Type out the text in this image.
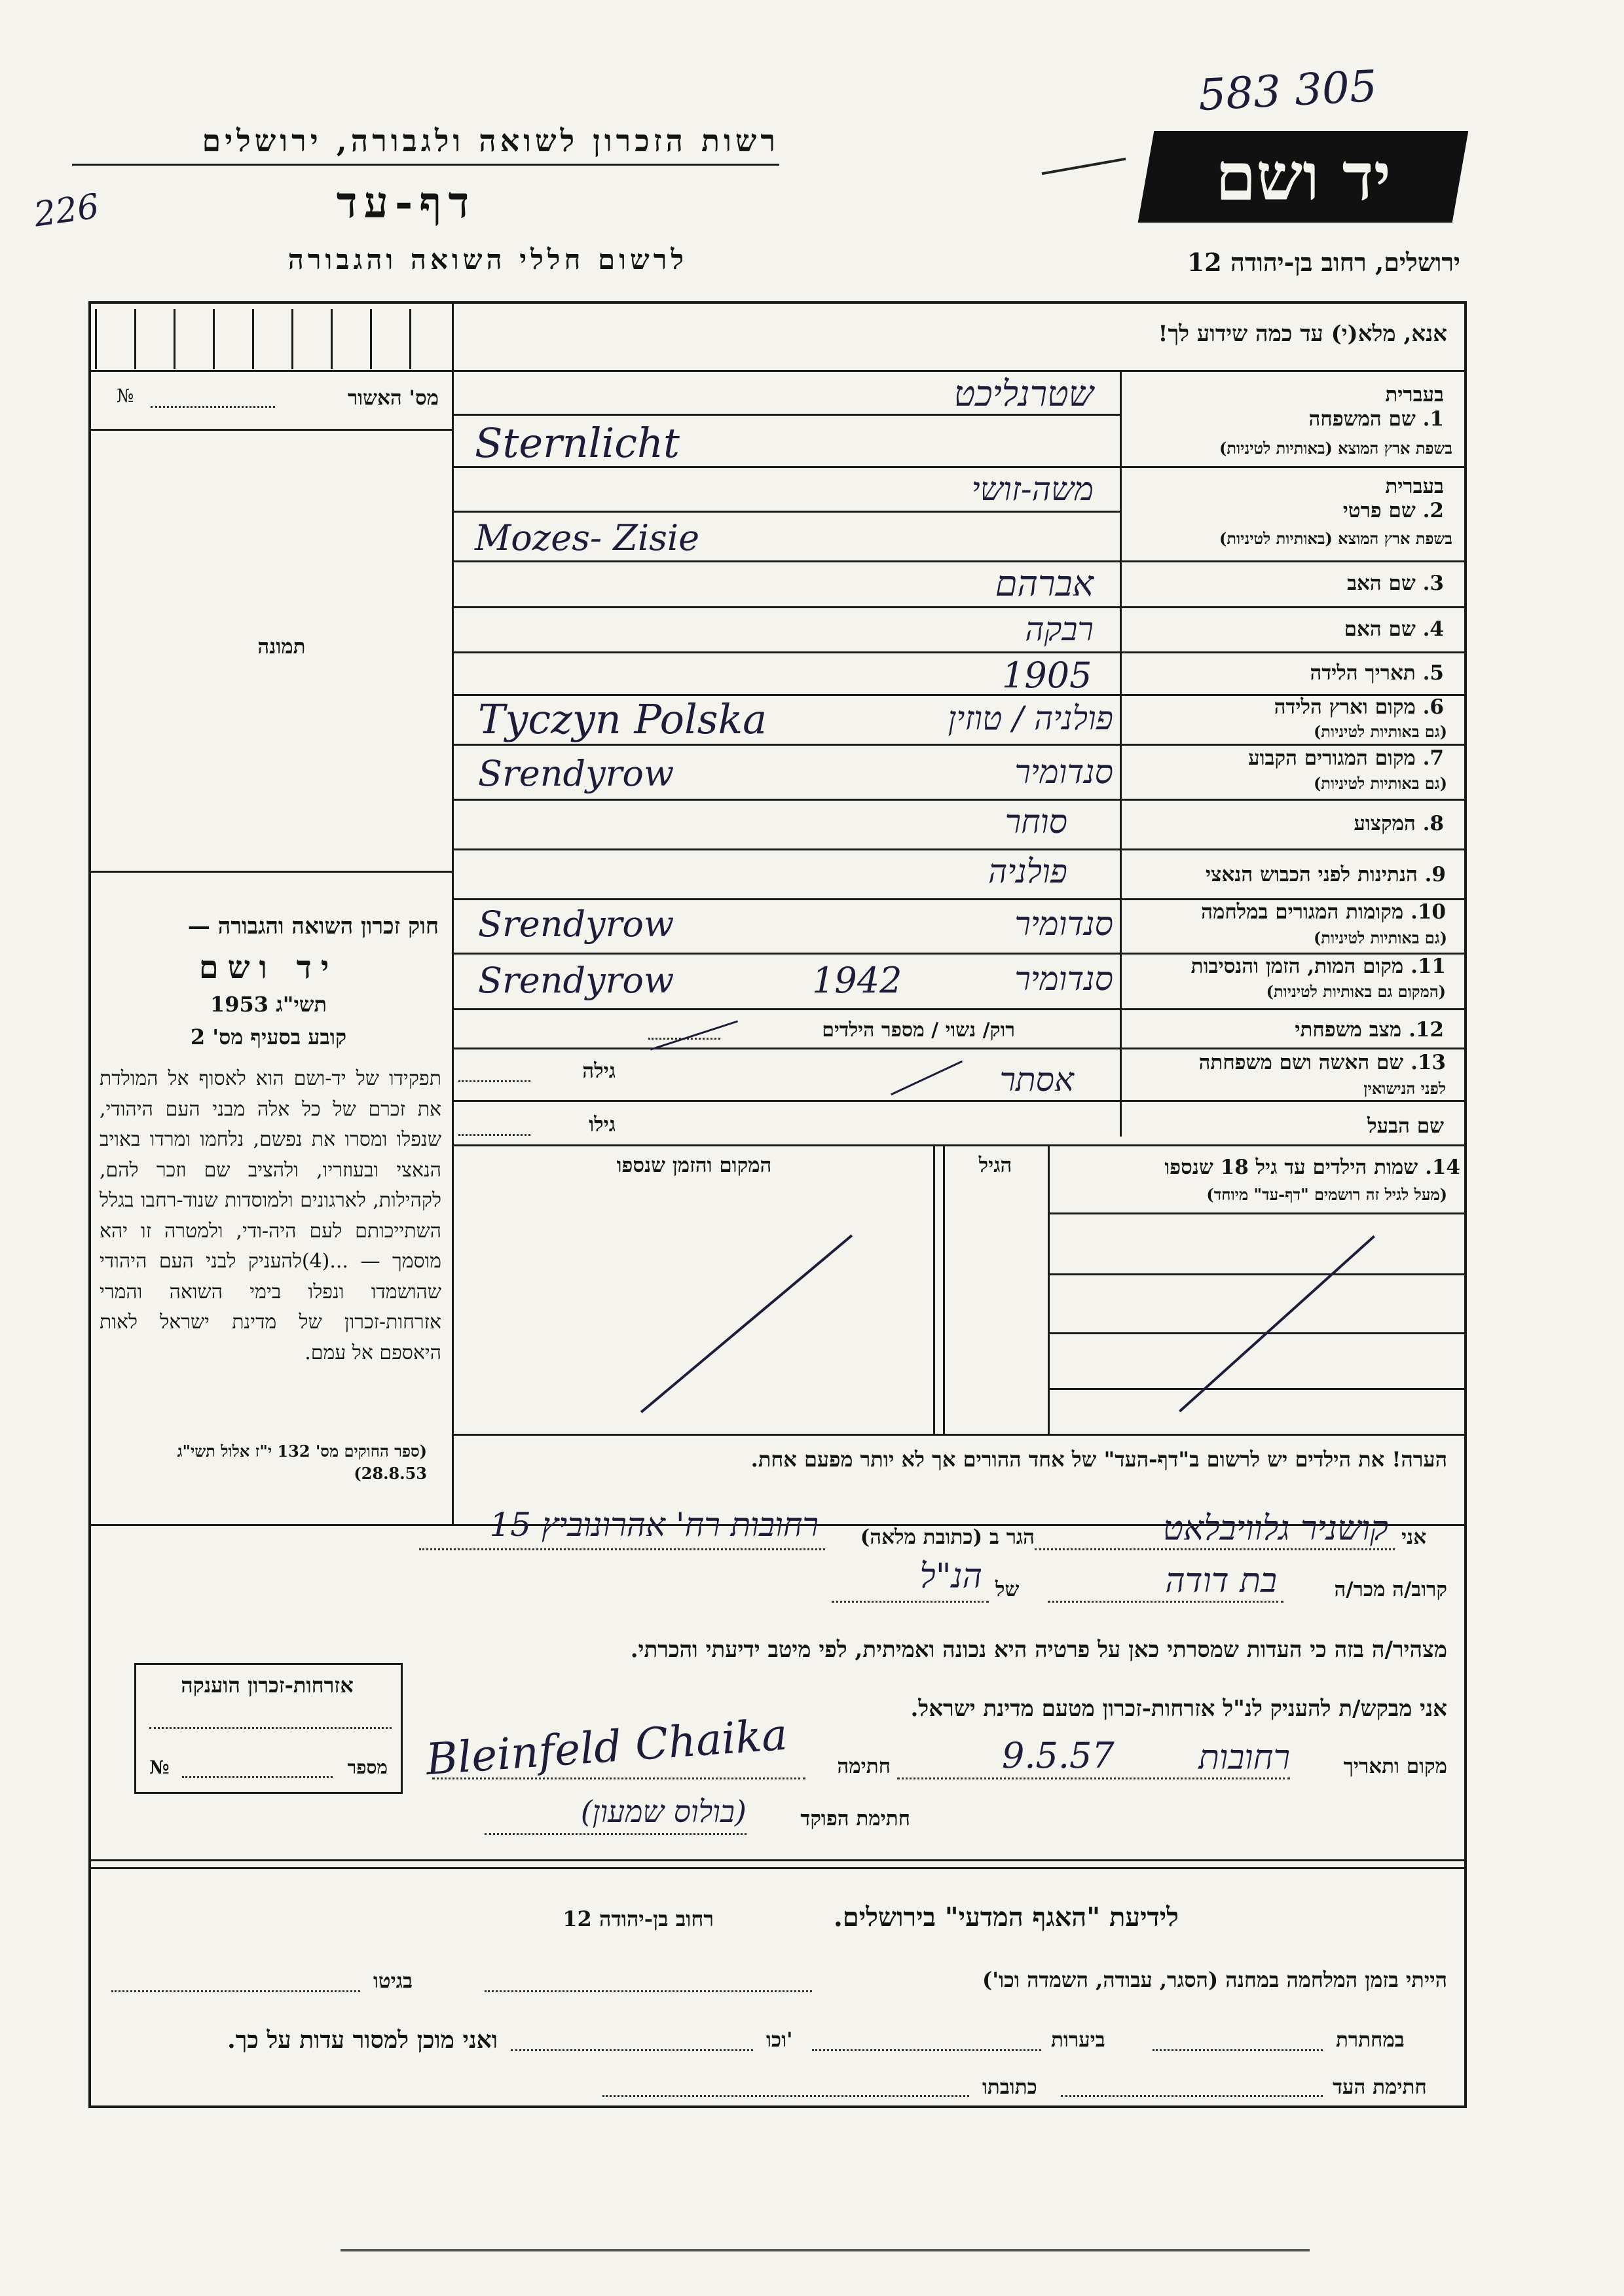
583 305
יד ושם
רשות הזכרון לשואה ולגבורה, ירושלים
226	דף-עד
לרשום חללי השואה והגבורה	ירושלים, רחוב בן-יהודה 12
אנא, מלא(י) עד כמה שידוע לך!
מס' האשור
№
תמונה
חוק זכרון השואה והגבורה —
יד ושם
1953 תשי"ג
קובע בסעיף מס' 2
תפקידו של יד-ושם הוא לאסוף אל המולדת את זכרם של כל אלה מבני העם היהודי, שנפלו ומסרו את נפשם, נלחמו ומרדו באויב הנאצי ובעוזריו, ולהציב שם וזכר להם, לקהילות, לארגונים ולמוסדות שנוד-רחבו בגלל השתייכותם לעם היה-ודי, ולמטרה זו יהא מוסמך — ...(4)להעניק לבני העם היהודי שהושמדו ונפלו בימי השואה והמרי אזרחות-זכרון של מדינת ישראל לאות היאספם אל עמם.
(ספר החוקים מס' 132 י"ז אלול תשי"ג 28.8.53)
בעברית
1. שם המשפחה
בשפת ארץ המוצא (באותיות לטיניות)
שטרנליכט
Sternlicht
בעברית
2. שם פרטי
בשפת ארץ המוצא (באותיות לטיניות)
משה-זושי
Mozes- Zisie
3. שם האב
אברהם
4. שם האם
רבקה
5. תאריך הלידה
1905
6. מקום וארץ הלידה
(גם באותיות לטיניות)
פולניה / טוזין
Tyczyn Polska
7. מקום המגורים הקבוע
(גם באותיות לטיניות)
סנדומיר
Srendyrow
8. המקצוע
סוחר
9. הנתינות לפני הכבוש הנאצי
פולניה
10. מקומות המגורים במלחמה
(גם באותיות לטיניות)
סנדומיר
Srendyrow
11. מקום המות, הזמן והנסיבות
(המקום גם באותיות לטיניות)
סנדומיר
1942
Srendyrow
12. מצב משפחתי
רוק/ נשוי / מספר הילדים
13. שם האשה ושם משפחתה
לפני הנישואין
אסתר
גילה
שם הבעל
גילו
14. שמות הילדים עד גיל 18 שנספו
(מעל לגיל זה רושמים "דף-עד" מיוחד)
הגיל
המקום והזמן שנספו
הערה! את הילדים יש לרשום ב"דף-העד" של אחד ההורים אך לא יותר מפעם אחת.
אני
קושניר גלוויבלאט
הגר ב (כתובת מלאה)
רחובות רח' אהרונוביץ 15
קרוב/ה מכר/ה
בת דודה
של
הנ"ל
מצהיר/ה בזה כי העדות שמסרתי כאן על פרטיה היא נכונה ואמיתית, לפי מיטב ידיעתי והכרתי.
אני מבקש/ת להעניק לנ"ל אזרחות-זכרון מטעם מדינת ישראל.
מקום ותאריך
רחובות
9.5.57
חתימה
Bleinfeld Chaika
חתימת הפוקד
(בולוס שמעון)
אזרחות-זכרון הוענקה
מספר
№
לידיעת "האגף המדעי" בירושלים.
רחוב בן-יהודה 12
הייתי בזמן המלחמה במחנה (הסגר, עבודה, השמדה וכו')
בגיטו
במחתרת
ביערות
וכו'
ואני מוכן למסור עדות על כך.
חתימת העד
כתובתו
